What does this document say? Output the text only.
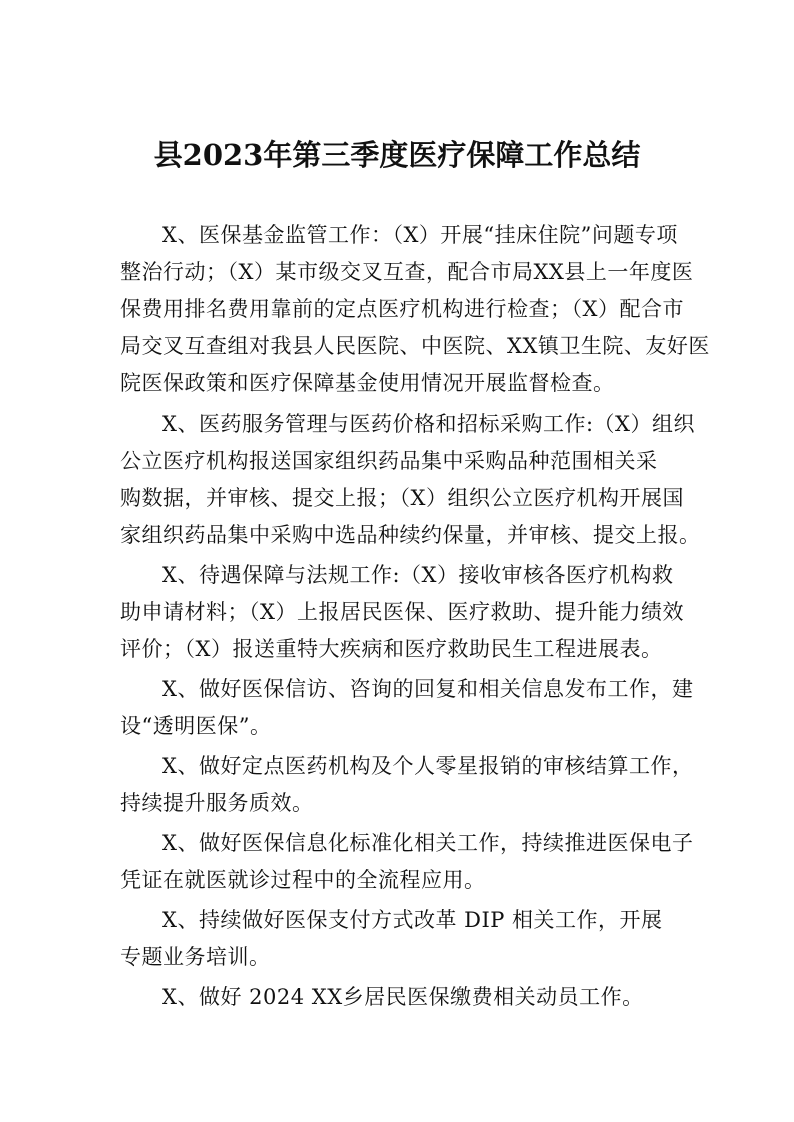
县2023年第三季度医疗保障工作总结
X、医保基金监管工作：（X）开展“挂床住院”问题专项
整治行动；（X）某市级交叉互查，配合市局XX县上一年度医
保费用排名费用靠前的定点医疗机构进行检查；（X）配合市
局交叉互查组对我县人民医院、中医院、XX镇卫生院、友好医
院医保政策和医疗保障基金使用情况开展监督检查。
X、医药服务管理与医药价格和招标采购工作:（X）组织
公立医疗机构报送国家组织药品集中采购品种范围相关采
购数据，并审核、提交上报；（X）组织公立医疗机构开展国
家组织药品集中采购中选品种续约保量，并审核、提交上报。
X、待遇保障与法规工作:（X）接收审核各医疗机构救
助申请材料；（X）上报居民医保、医疗救助、提升能力绩效
评价；（X）报送重特大疾病和医疗救助民生工程进展表。
X、做好医保信访、咨询的回复和相关信息发布工作，建
设“透明医保”。
X、做好定点医药机构及个人零星报销的审核结算工作，
持续提升服务质效。
X、做好医保信息化标准化相关工作，持续推进医保电子
凭证在就医就诊过程中的全流程应用。
X、持续做好医保支付方式改革 DIP 相关工作，开展
专题业务培训。
X、做好 2024 XX乡居民医保缴费相关动员工作。
